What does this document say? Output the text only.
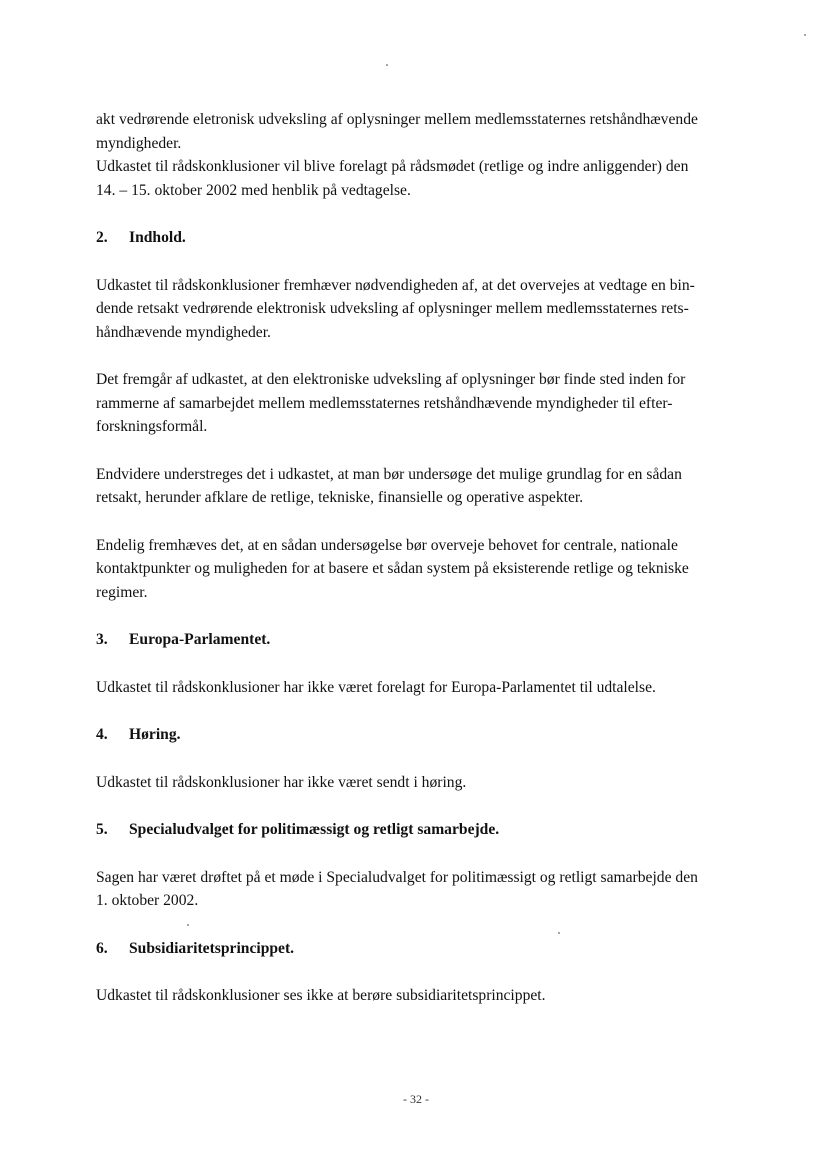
akt vedrørende eletronisk udveksling af oplysninger mellem medlemsstaternes retshåndhævende
myndigheder.
Udkastet til rådskonklusioner vil blive forelagt på rådsmødet (retlige og indre anliggender) den
14. – 15. oktober 2002 med henblik på vedtagelse.

2.	Indhold.

Udkastet til rådskonklusioner fremhæver nødvendigheden af, at det overvejes at vedtage en bin-
dende retsakt vedrørende elektronisk udveksling af oplysninger mellem medlemsstaternes rets-
håndhævende myndigheder.

Det fremgår af udkastet, at den elektroniske udveksling af oplysninger bør finde sted inden for
rammerne af samarbejdet mellem medlemsstaternes retshåndhævende myndigheder til efter-
forskningsformål.

Endvidere understreges det i udkastet, at man bør undersøge det mulige grundlag for en sådan
retsakt, herunder afklare de retlige, tekniske, finansielle og operative aspekter.

Endelig fremhæves det, at en sådan undersøgelse bør overveje behovet for centrale, nationale
kontaktpunkter og muligheden for at basere et sådan system på eksisterende retlige og tekniske
regimer.

3.	Europa-Parlamentet.

Udkastet til rådskonklusioner har ikke været forelagt for Europa-Parlamentet til udtalelse.

4.	Høring.

Udkastet til rådskonklusioner har ikke været sendt i høring.

5.	Specialudvalget for politimæssigt og retligt samarbejde.

Sagen har været drøftet på et møde i Specialudvalget for politimæssigt og retligt samarbejde den
1. oktober 2002.

6.	Subsidiaritetsprincippet.

Udkastet til rådskonklusioner ses ikke at berøre subsidiaritetsprincippet.

- 32 -
